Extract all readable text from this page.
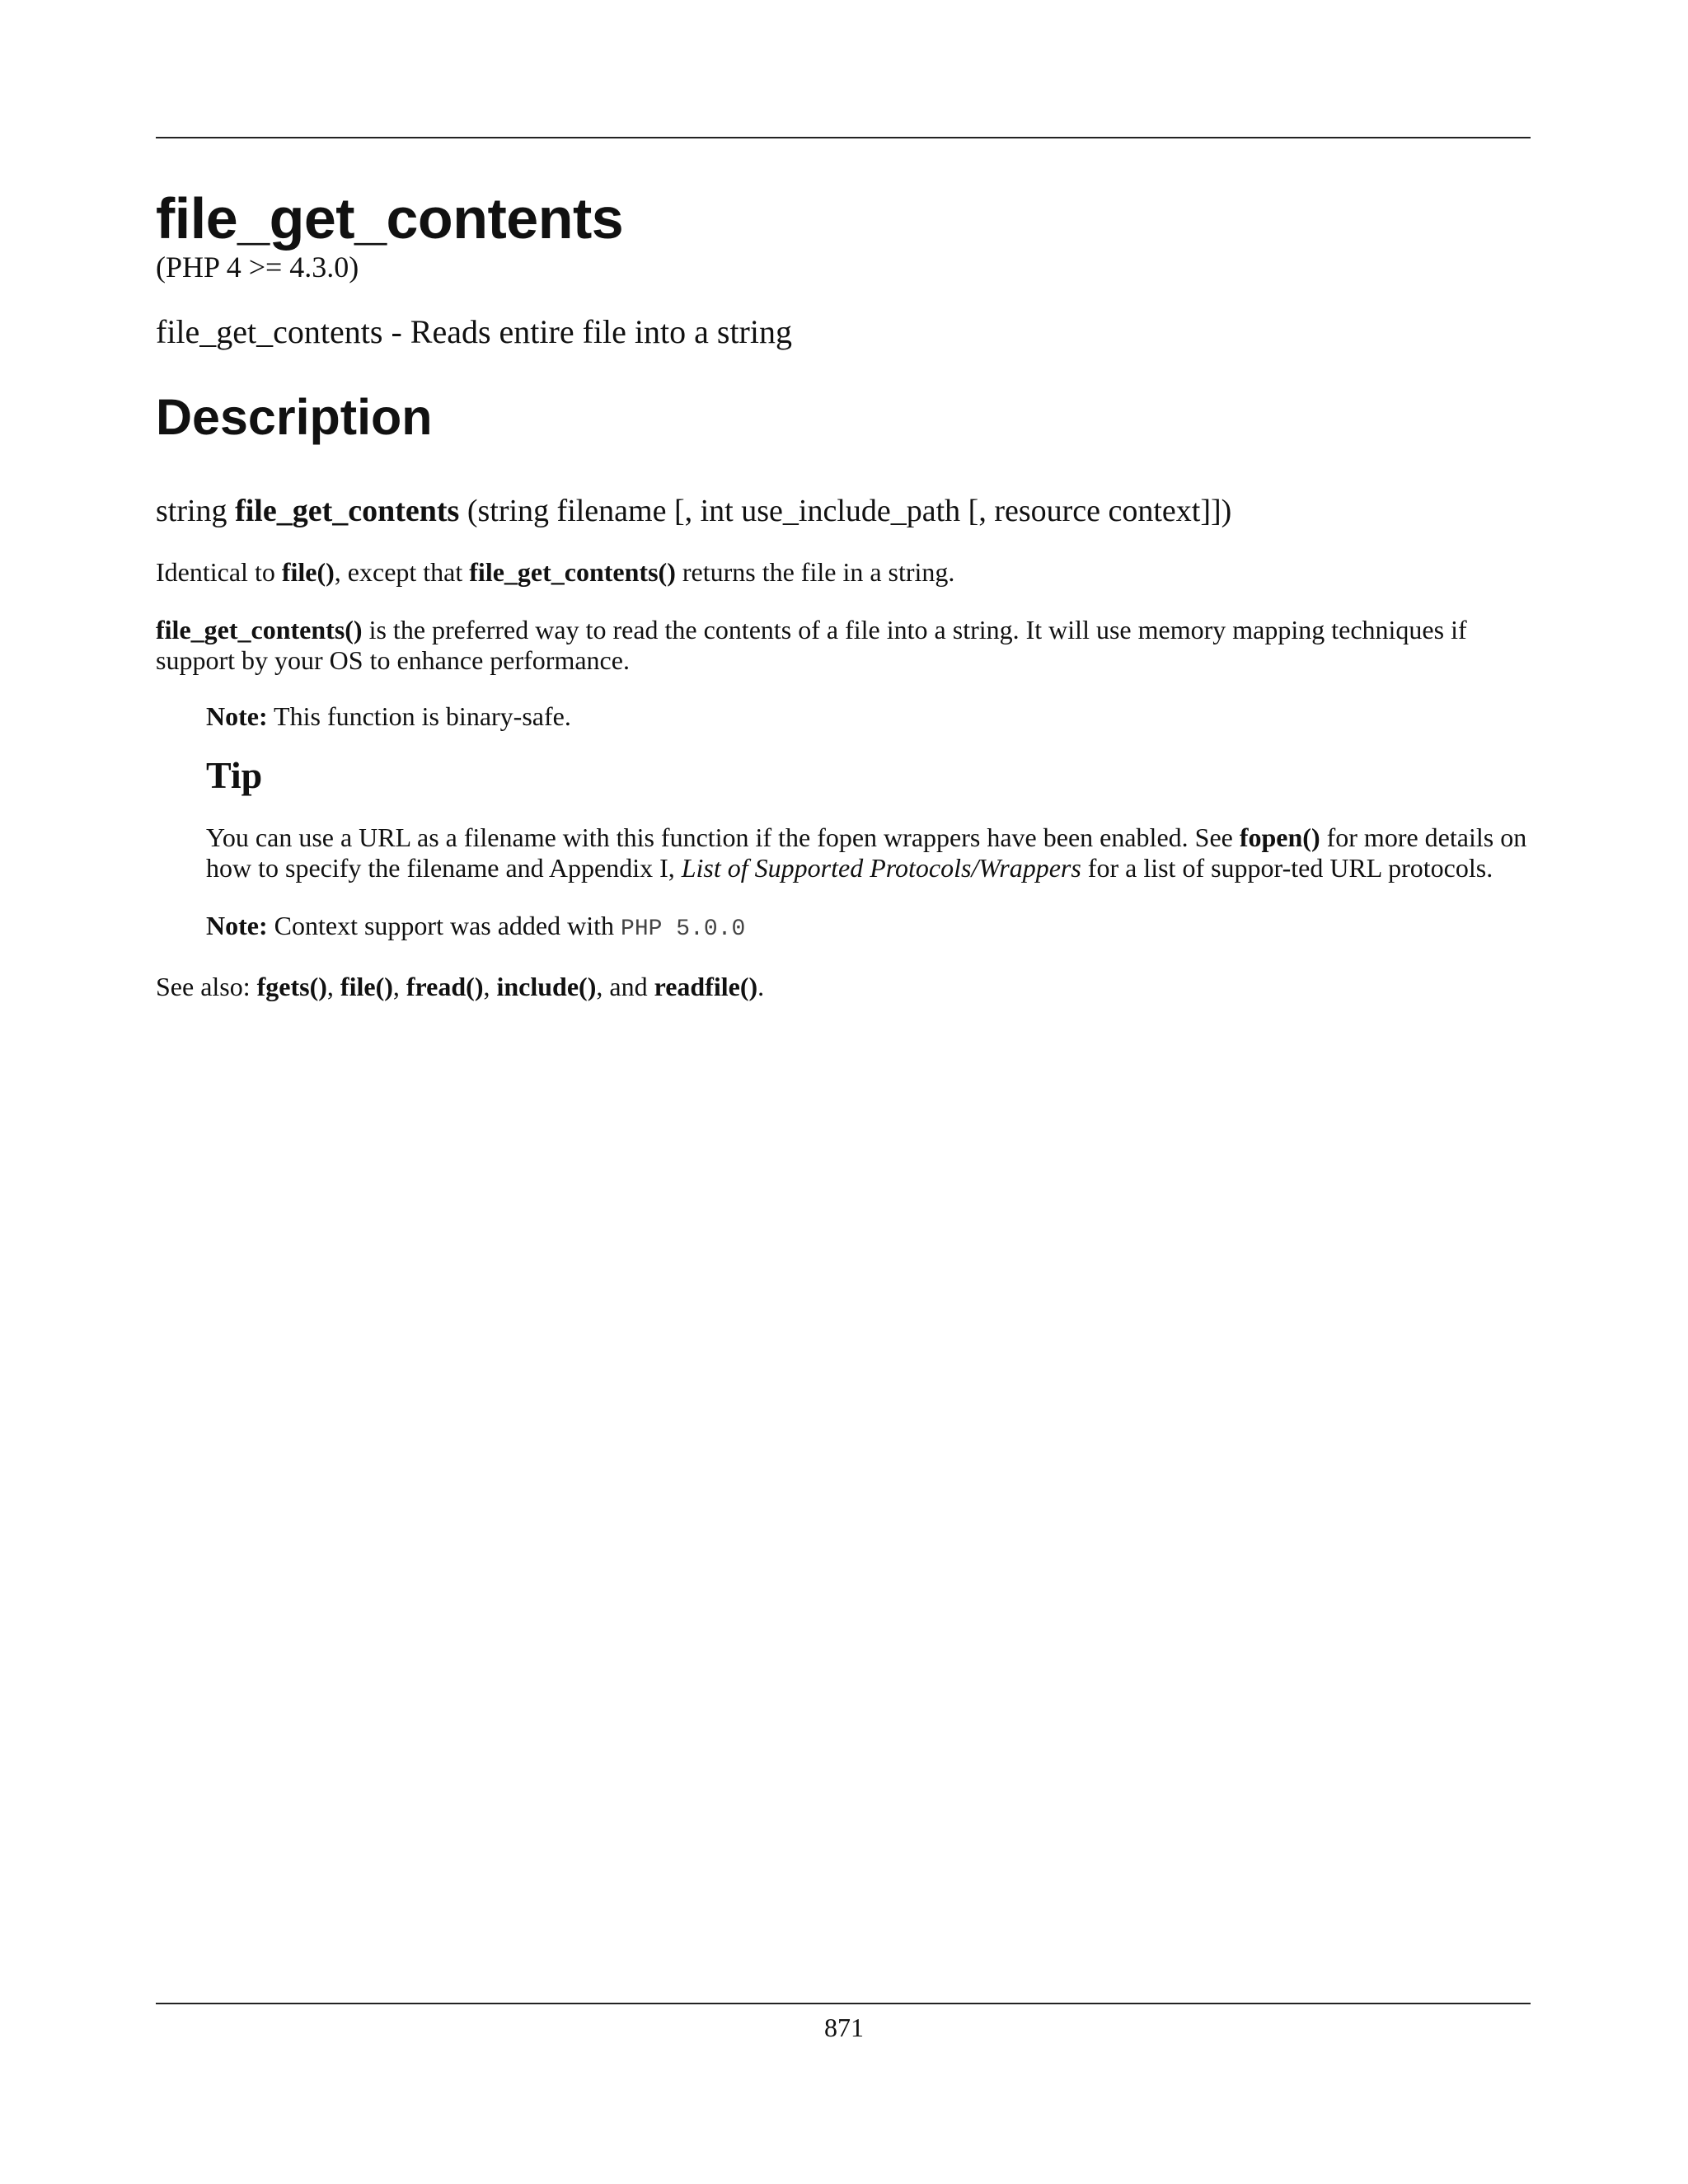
file_get_contents
(PHP 4 >= 4.3.0)
file_get_contents - Reads entire file into a string
Description
string file_get_contents (string filename [, int use_include_path [, resource context]])

Identical to file(), except that file_get_contents() returns the file in a string.

file_get_contents() is the preferred way to read the contents of a file into a string. It will use memory mapping techniques if support by your OS to enhance performance.

Note: This function is binary-safe.

Tip

You can use a URL as a filename with this function if the fopen wrappers have been enabled. See fopen() for more details on how to specify the filename and Appendix I, List of Supported Protocols/Wrappers for a list of suppor-ted URL protocols.

Note: Context support was added with PHP 5.0.0

See also: fgets(), file(), fread(), include(), and readfile().

871
